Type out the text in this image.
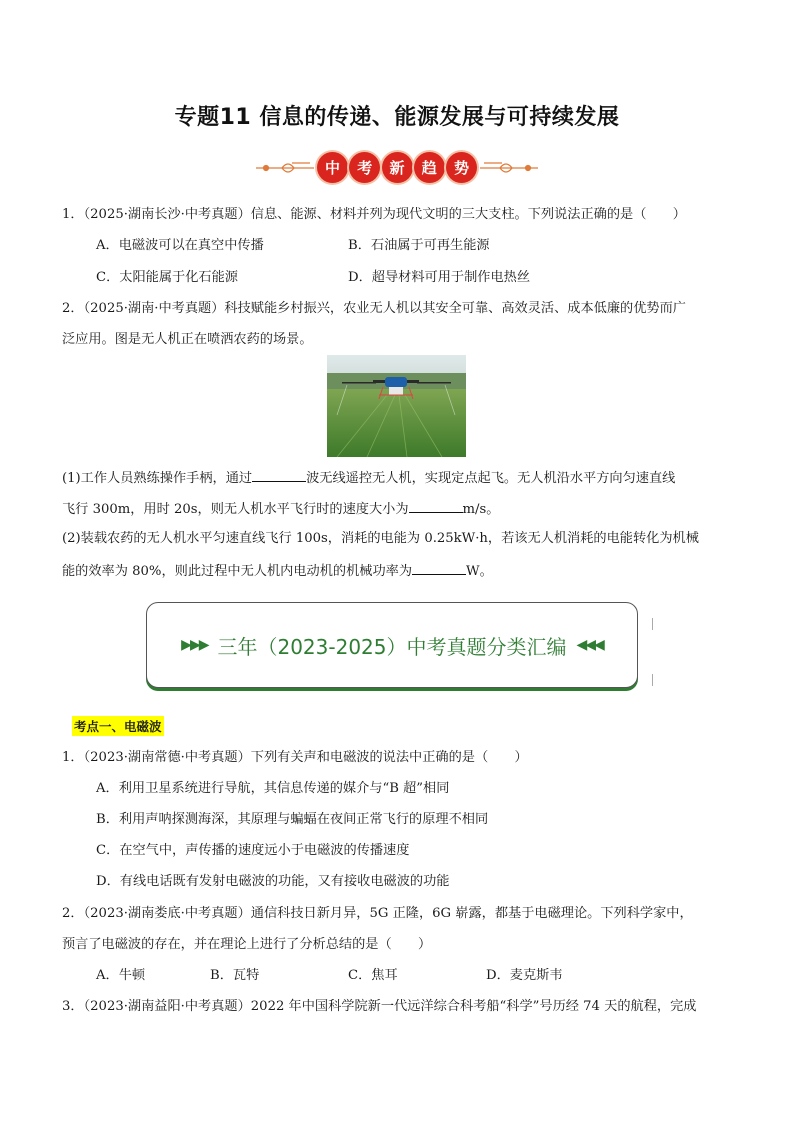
专题11 信息的传递、能源发展与可持续发展
中	考	新	趋	势
1．（2025·湖南长沙·中考真题）信息、能源、材料并列为现代文明的三大支柱。下列说法正确的是（　　）
A．电磁波可以在真空中传播	B．石油属于可再生能源
C．太阳能属于化石能源	D．超导材料可用于制作电热丝
2．（2025·湖南·中考真题）科技赋能乡村振兴，农业无人机以其安全可靠、高效灵活、成本低廉的优势而广
泛应用。图是无人机正在喷洒农药的场景。
(1)工作人员熟练操作手柄，通过	波无线遥控无人机，实现定点起飞。无人机沿水平方向匀速直线
飞行 300m，用时 20s，则无人机水平飞行时的速度大小为	m/s。
(2)装载农药的无人机水平匀速直线飞行 100s，消耗的电能为 0.25kW·h，若该无人机消耗的电能转化为机械
能的效率为 80%，则此过程中无人机内电动机的机械功率为	W。
▶▶▶ 三年（2023-2025）中考真题分类汇编 ◀◀◀
考点一、电磁波
1．（2023·湖南常德·中考真题）下列有关声和电磁波的说法中正确的是（　　）
A．利用卫星系统进行导航，其信息传递的媒介与“B 超”相同
B．利用声呐探测海深，其原理与蝙蝠在夜间正常飞行的原理不相同
C．在空气中，声传播的速度远小于电磁波的传播速度
D．有线电话既有发射电磁波的功能，又有接收电磁波的功能
2．（2023·湖南娄底·中考真题）通信科技日新月异，5G 正隆，6G 崭露，都基于电磁理论。下列科学家中，
预言了电磁波的存在，并在理论上进行了分析总结的是（　　）
A．牛顿	B．瓦特	C．焦耳	D．麦克斯韦
3．（2023·湖南益阳·中考真题）2022 年中国科学院新一代远洋综合科考船“科学”号历经 74 天的航程，完成
